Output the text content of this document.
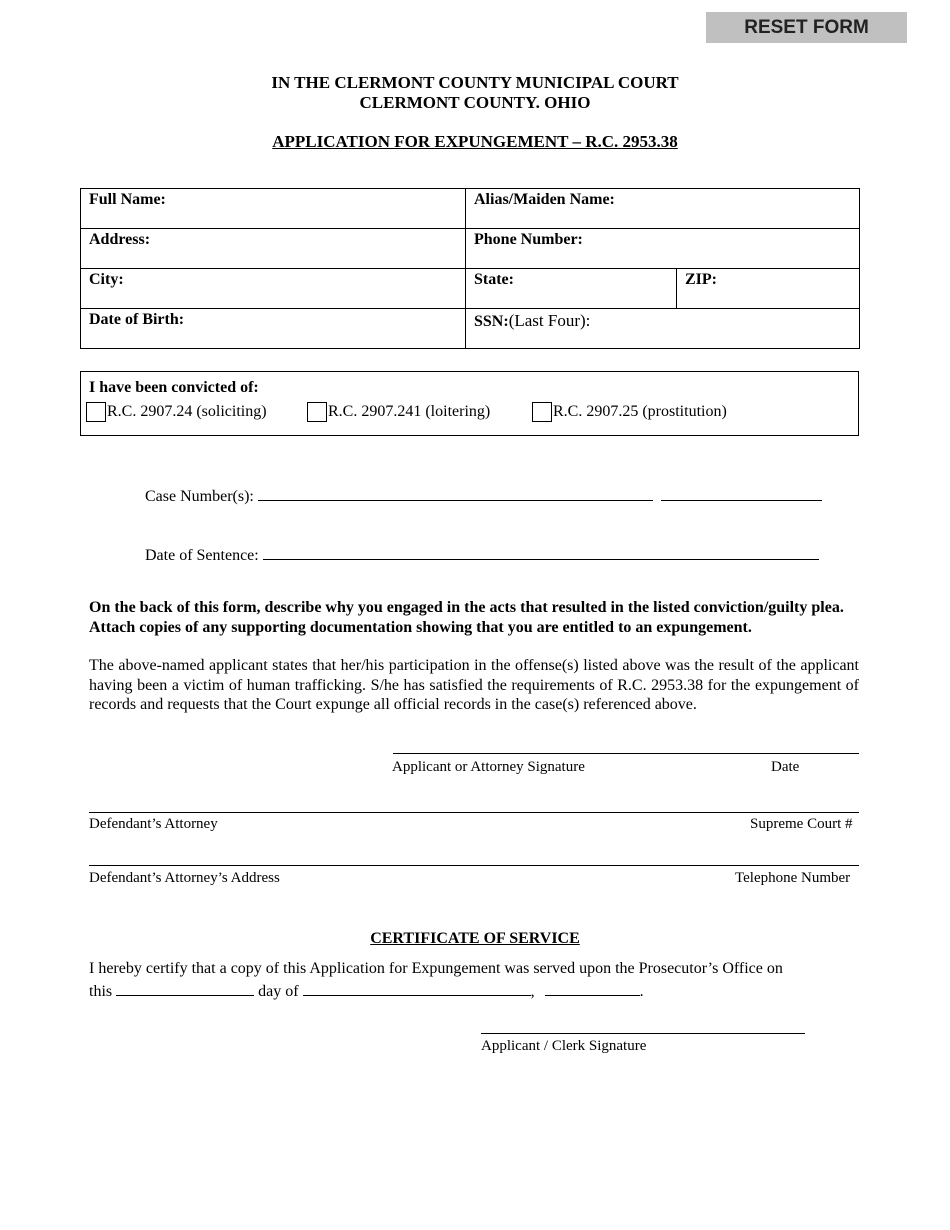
RESET FORM
IN THE CLERMONT COUNTY MUNICIPAL COURT
CLERMONT COUNTY. OHIO
APPLICATION FOR EXPUNGEMENT – R.C. 2953.38
Full Name:	Alias/Maiden Name:	
Address:	Phone Number:	
City:	State:	ZIP:
Date of Birth:	SSN:(Last Four):	
I have been convicted of:
R.C. 2907.24 (soliciting)	R.C. 2907.241 (loitering)	R.C. 2907.25 (prostitution)
Case Number(s):
Date of Sentence:
On the back of this form, describe why you engaged in the acts that resulted in the listed conviction/guilty plea. Attach copies of any supporting documentation showing that you are entitled to an expungement.
The above-named applicant states that her/his participation in the offense(s) listed above was the result of the applicant having been a victim of human trafficking. S/he has satisfied the requirements of R.C. 2953.38 for the expungement of records and requests that the Court expunge all official records in the case(s) referenced above.
Applicant or Attorney Signature	Date
Defendant’s Attorney	Supreme Court #
Defendant’s Attorney’s Address	Telephone Number
CERTIFICATE OF SERVICE
I hereby certify that a copy of this Application for Expungement was served upon the Prosecutor’s Office on
this	day of	,	.
Applicant / Clerk Signature
